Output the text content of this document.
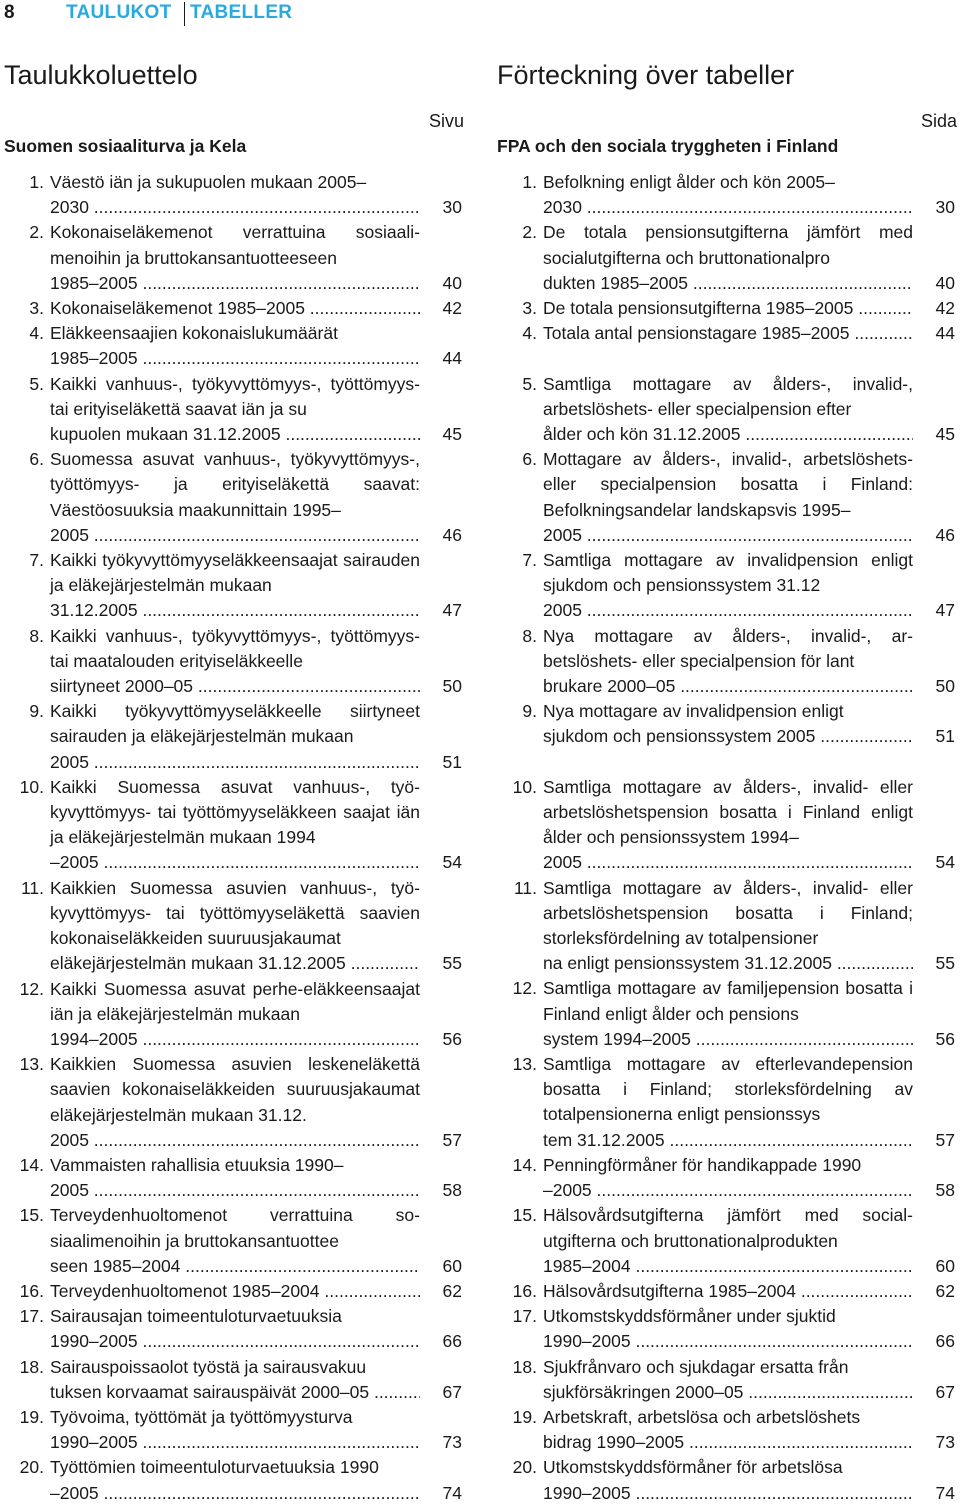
8	TAULUKOT TABELLER
Taulukkoluettelo
Sivu
Suomen sosiaaliturva ja Kela
1. Väestö iän ja sukupuolen mukaan 2005–
2030 .....	30
2. Kokonaiseläkemenot verrattuina sosiaalimenoihin ja bruttokansantuotteeseen
1985–2005 .....	40
3. Kokonaiseläkemenot 1985–2005 .....	42
4. Eläkkeensaajien kokonaislukumäärät
1985–2005 .....	44
5. Kaikki vanhuus-, työkyvyttömyys-, työttömyys- tai erityiseläkettä saavat iän ja su
kupuolen mukaan 31.12.2005 .....	45
6. Suomessa asuvat vanhuus-, työkyvyttömyys-, työttömyys- ja erityiseläkettä saavat: Väestöosuuksia maakunnittain 1995–
2005 .....	46
7. Kaikki työkyvyttömyyseläkkeensaajat sairauden ja eläkejärjestelmän mukaan
31.12.2005 .....	47
8. Kaikki vanhuus-, työkyvyttömyys-, työttömyys- tai maatalouden erityiseläkkeelle
siirtyneet 2000–05 .....	50
9. Kaikki työkyvyttömyyseläkkeelle siirtyneet sairauden ja eläkejärjestelmän mukaan
2005 .....	51
10. Kaikki Suomessa asuvat vanhuus-, työkyvyttömyys- tai työttömyyseläkkeen saajat iän ja eläkejärjestelmän mukaan 1994
–2005 .....	54
11. Kaikkien Suomessa asuvien vanhuus-, työkyvyttömyys- tai työttömyyseläkettä saavien kokonaiseläkkeiden suuruusjakaumat
eläkejärjestelmän mukaan 31.12.2005 .....	55
12. Kaikki Suomessa asuvat perhe-eläkkeensaajat iän ja eläkejärjestelmän mukaan
1994–2005 .....	56
13. Kaikkien Suomessa asuvien leskeneläkettä saavien kokonaiseläkkeiden suuruusjakaumat eläkejärjestelmän mukaan 31.12.
2005 .....	57
14. Vammaisten rahallisia etuuksia 1990–
2005 .....	58
15. Terveydenhuoltomenot verrattuina sosiaalimenoihin ja bruttokansantuottee
seen 1985–2004 .....	60
16. Terveydenhuoltomenot 1985–2004 .....	62
17. Sairausajan toimeentuloturvaetuuksia
1990–2005 .....	66
18. Sairauspoissaolot työstä ja sairausvakuu
tuksen korvaamat sairauspäivät 2000–05 .....	67
19. Työvoima, työttömät ja työttömyysturva
1990–2005 .....	73
20. Työttömien toimeentuloturvaetuuksia 1990
–2005 .....	74
Förteckning över tabeller
Sida
FPA och den sociala tryggheten i Finland
1. Befolkning enligt ålder och kön 2005–
2030 .....	30
2. De totala pensionsutgifterna jämfört med socialutgifterna och bruttonationalpro
dukten 1985–2005 .....	40
3. De totala pensionsutgifterna 1985–2005 .....	42
4. Totala antal pensionstagare 1985–2005 .....	44
5. Samtliga mottagare av ålders-, invalid-, arbetslöshets- eller specialpension efter
ålder och kön 31.12.2005 .....	45
6. Mottagare av ålders-, invalid-, arbetslöshets- eller specialpension bosatta i Finland: Befolkningsandelar landskapsvis 1995–
2005 .....	46
7. Samtliga mottagare av invalidpension enligt sjukdom och pensionssystem 31.12
2005 .....	47
8. Nya mottagare av ålders-, invalid-, arbetslöshets- eller specialpension för lant
brukare 2000–05 .....	50
9. Nya mottagare av invalidpension enligt
sjukdom och pensionssystem 2005 .....	51
10. Samtliga mottagare av ålders-, invalid- eller arbetslöshetspension bosatta i Finland enligt ålder och pensionssystem 1994–
2005 .....	54
11. Samtliga mottagare av ålders-, invalid- eller arbetslöshetspension bosatta i Finland; storleksfördelning av totalpensioner
na enligt pensionssystem 31.12.2005 .....	55
12. Samtliga mottagare av familjepension bosatta i Finland enligt ålder och pensions
system 1994–2005 .....	56
13. Samtliga mottagare av efterlevandepension bosatta i Finland; storleksfördelning av totalpensionerna enligt pensionssys
tem 31.12.2005 .....	57
14. Penningförmåner för handikappade 1990
–2005 .....	58
15. Hälsovårdsutgifterna jämfört med socialutgifterna och bruttonationalprodukten
1985–2004 .....	60
16. Hälsovårdsutgifterna 1985–2004 .....	62
17. Utkomstskyddsförmåner under sjuktid
1990–2005 .....	66
18. Sjukfrånvaro och sjukdagar ersatta från
sjukförsäkringen 2000–05 .....	67
19. Arbetskraft, arbetslösa och arbetslöshets
bidrag 1990–2005 .....	73
20. Utkomstskyddsförmåner för arbetslösa
1990–2005 .....	74
